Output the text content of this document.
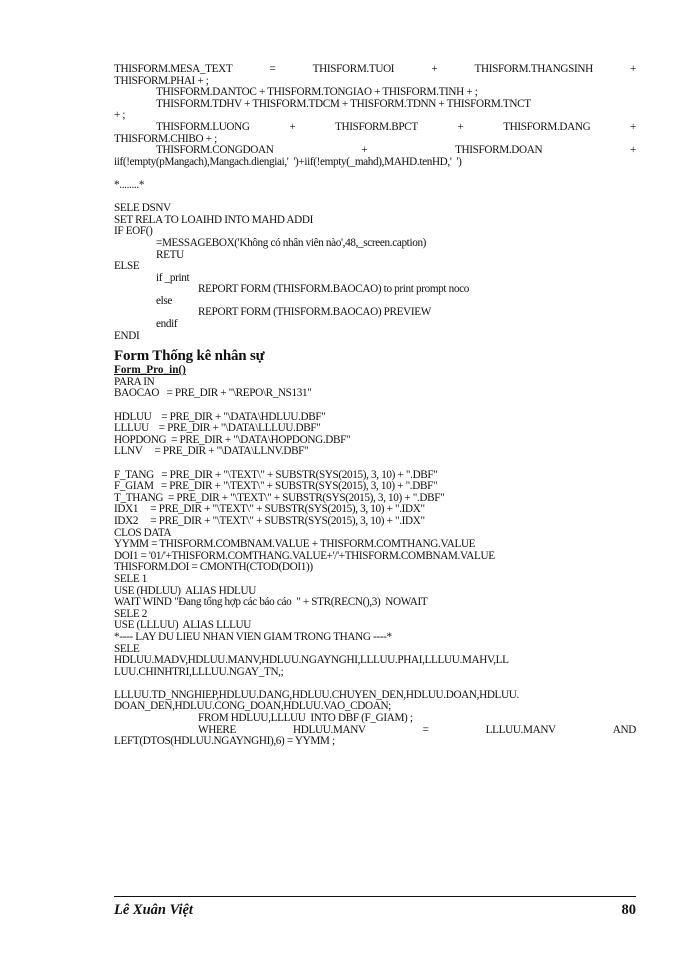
THISFORM.MESA_TEXT	=	THISFORM.TUOI	+	THISFORM.THANGSINH	+
THISFORM.PHAI + ;
THISFORM.DANTOC + THISFORM.TONGIAO + THISFORM.TINH + ;
THISFORM.TDHV + THISFORM.TDCM + THISFORM.TDNN + THISFORM.TNCT
+ ;
THISFORM.LUONG	+	THISFORM.BPCT	+	THISFORM.DANG	+
THISFORM.CHIBO + ;
THISFORM.CONGDOAN	+	THISFORM.DOAN	+
iif(!empty(pMangach),Mangach.diengiai,'  ')+iif(!empty(_mahd),MAHD.tenHD,'  ')
*........*
SELE DSNV
SET RELA TO LOAIHD INTO MAHD ADDI
IF EOF()
=MESSAGEBOX('Không có nhân viên nào',48,_screen.caption)
RETU
ELSE
if _print
REPORT FORM (THISFORM.BAOCAO) to print prompt noco
else
REPORT FORM (THISFORM.BAOCAO) PREVIEW
endif
ENDI
Form Thống kê nhân sự
Form_Pro_in()
PARA IN
BAOCAO   = PRE_DIR + "\REPO\R_NS131"
HDLUU    = PRE_DIR + "\DATA\HDLUU.DBF"
LLLUU    = PRE_DIR + "\DATA\LLLUU.DBF"
HOPDONG  = PRE_DIR + "\DATA\HOPDONG.DBF"
LLNV     = PRE_DIR + "\DATA\LLNV.DBF"
F_TANG   = PRE_DIR + "\TEXT\" + SUBSTR(SYS(2015), 3, 10) + ".DBF"
F_GIAM   = PRE_DIR + "\TEXT\" + SUBSTR(SYS(2015), 3, 10) + ".DBF"
T_THANG  = PRE_DIR + "\TEXT\" + SUBSTR(SYS(2015), 3, 10) + ".DBF"
IDX1     = PRE_DIR + "\TEXT\" + SUBSTR(SYS(2015), 3, 10) + ".IDX"
IDX2     = PRE_DIR + "\TEXT\" + SUBSTR(SYS(2015), 3, 10) + ".IDX"
CLOS DATA
YYMM = THISFORM.COMBNAM.VALUE + THISFORM.COMTHANG.VALUE
DOI1 = '01/'+THISFORM.COMTHANG.VALUE+'/'+THISFORM.COMBNAM.VALUE
THISFORM.DOI = CMONTH(CTOD(DOI1))
SELE 1
USE (HDLUU)  ALIAS HDLUU
WAIT WIND "Đang tổng hợp các báo cáo  " + STR(RECN(),3)  NOWAIT
SELE 2
USE (LLLUU)  ALIAS LLLUU
*---- LAY DU LIEU NHAN VIEN GIAM TRONG THANG ----*
SELE
HDLUU.MADV,HDLUU.MANV,HDLUU.NGAYNGHI,LLLUU.PHAI,LLLUU.MAHV,LL
LUU.CHINHTRI,LLLUU.NGAY_TN,;
LLLUU.TD_NNGHIEP,HDLUU.DANG,HDLUU.CHUYEN_DEN,HDLUU.DOAN,HDLUU.
DOAN_DEN,HDLUU.CONG_DOAN,HDLUU.VAO_CDOAN;
FROM HDLUU,LLLUU  INTO DBF (F_GIAM) ;
WHERE	HDLUU.MANV	=	LLLUU.MANV	AND
LEFT(DTOS(HDLUU.NGAYNGHI),6) = YYMM ;
Lê Xuân Việt	80
